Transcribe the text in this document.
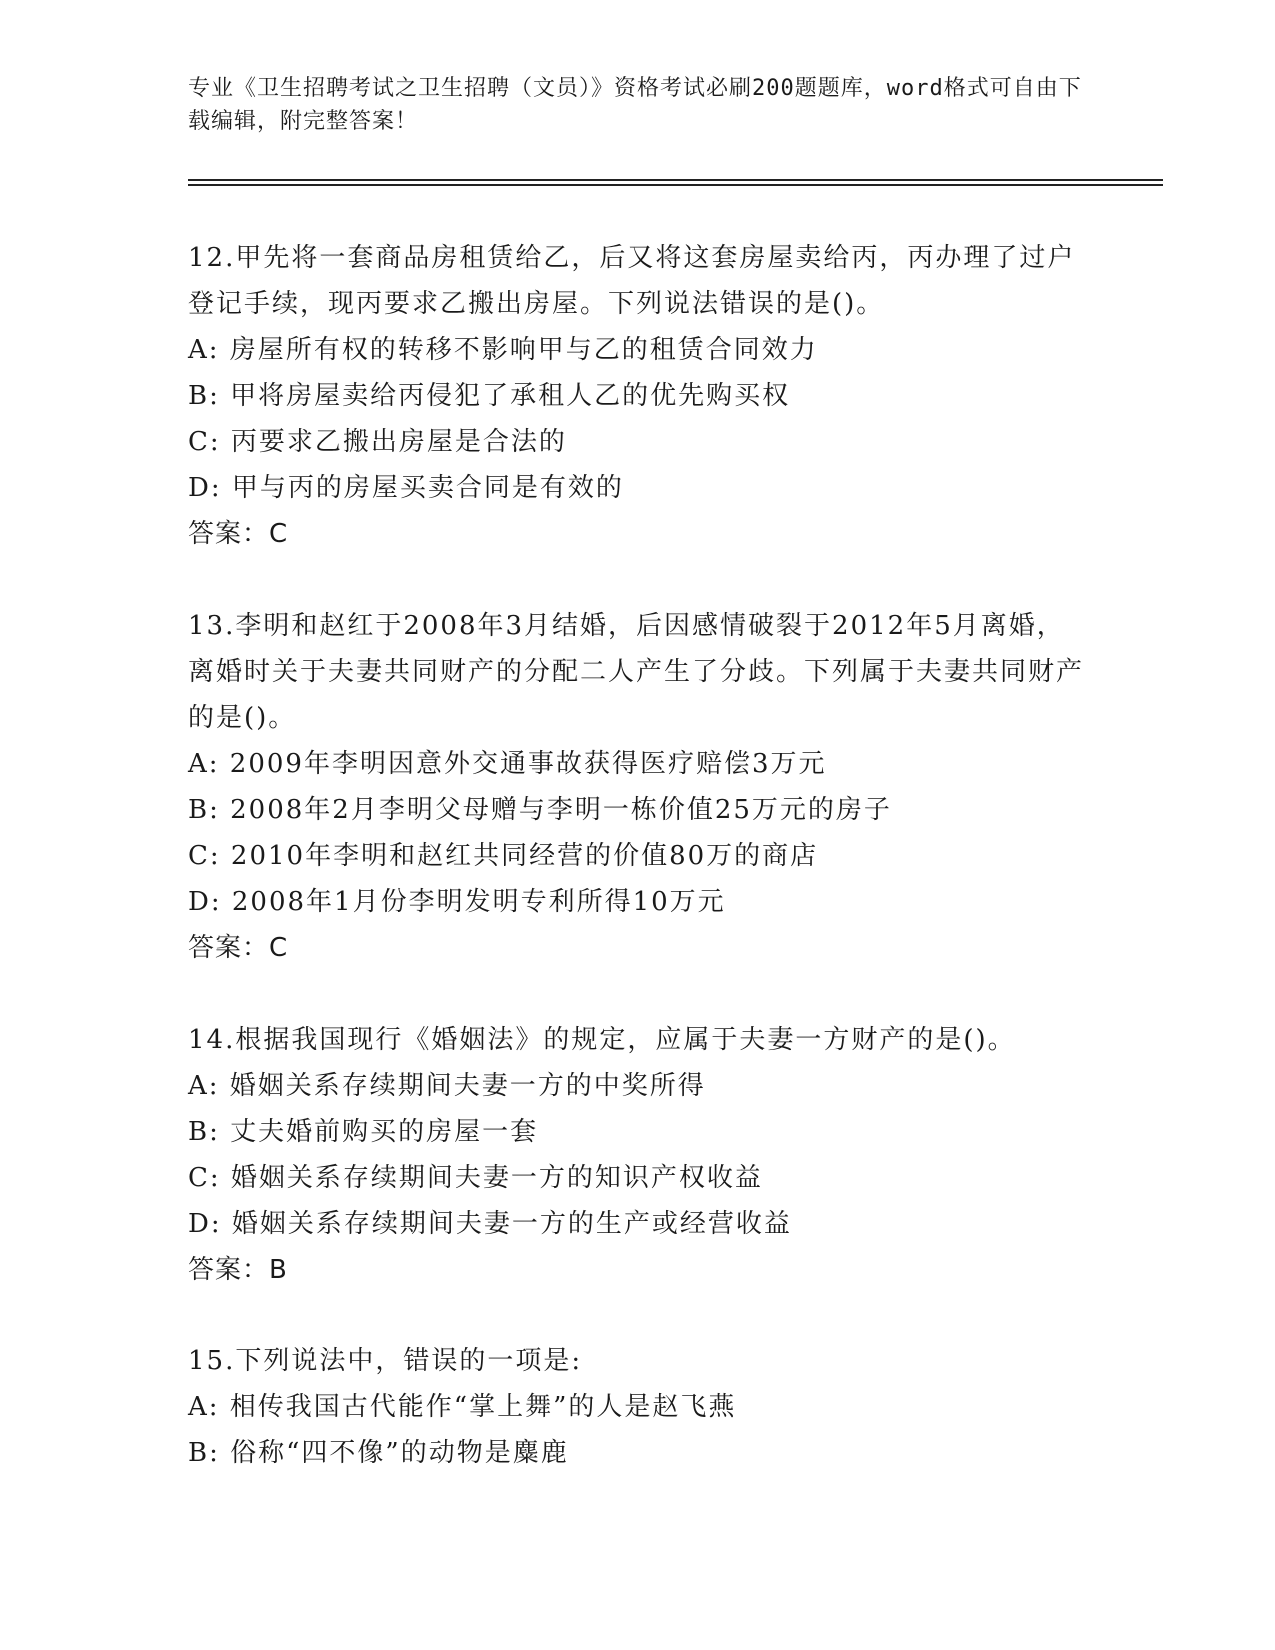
专业《卫生招聘考试之卫生招聘（文员）》资格考试必刷200题题库，word格式可自由下载编辑，附完整答案！
12.甲先将一套商品房租赁给乙，后又将这套房屋卖给丙，丙办理了过户登记手续，现丙要求乙搬出房屋。下列说法错误的是()。
A: 房屋所有权的转移不影响甲与乙的租赁合同效力
B: 甲将房屋卖给丙侵犯了承租人乙的优先购买权
C: 丙要求乙搬出房屋是合法的
D: 甲与丙的房屋买卖合同是有效的
答案：C
13.李明和赵红于2008年3月结婚，后因感情破裂于2012年5月离婚，离婚时关于夫妻共同财产的分配二人产生了分歧。下列属于夫妻共同财产的是()。
A: 2009年李明因意外交通事故获得医疗赔偿3万元
B: 2008年2月李明父母赠与李明一栋价值25万元的房子
C: 2010年李明和赵红共同经营的价值80万的商店
D: 2008年1月份李明发明专利所得10万元
答案：C
14.根据我国现行《婚姻法》的规定，应属于夫妻一方财产的是()。
A: 婚姻关系存续期间夫妻一方的中奖所得
B: 丈夫婚前购买的房屋一套
C: 婚姻关系存续期间夫妻一方的知识产权收益
D: 婚姻关系存续期间夫妻一方的生产或经营收益
答案：B
15.下列说法中，错误的一项是:
A: 相传我国古代能作“掌上舞”的人是赵飞燕
B: 俗称“四不像”的动物是麋鹿
